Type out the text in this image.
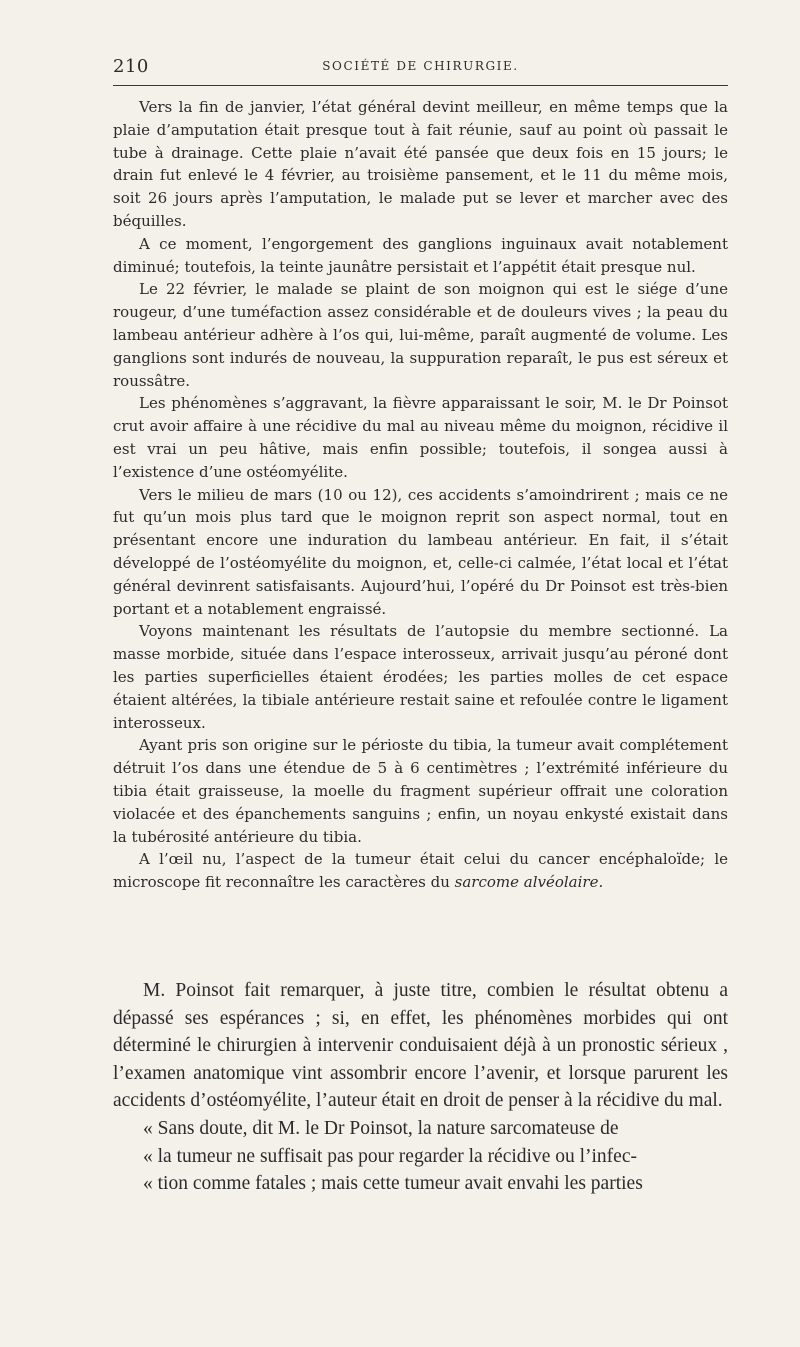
210	SOCIÉTÉ DE CHIRURGIE.

Vers la fin de janvier, l’état général devint meilleur, en même temps que la plaie d’amputation était presque tout à fait réunie, sauf au point où passait le tube à drainage. Cette plaie n’avait été pansée que deux fois en 15 jours; le drain fut enlevé le 4 février, au troisième pansement, et le 11 du même mois, soit 26 jours après l’amputation, le malade put se lever et marcher avec des béquilles.

A ce moment, l’engorgement des ganglions inguinaux avait notablement diminué; toutefois, la teinte jaunâtre persistait et l’appétit était presque nul.

Le 22 février, le malade se plaint de son moignon qui est le siége d’une rougeur, d’une tuméfaction assez considérable et de douleurs vives ; la peau du lambeau antérieur adhère à l’os qui, lui-même, paraît augmenté de volume. Les ganglions sont indurés de nouveau, la suppuration reparaît, le pus est séreux et roussâtre.

Les phénomènes s’aggravant, la fièvre apparaissant le soir, M. le Dr Poinsot crut avoir affaire à une récidive du mal au niveau même du moignon, récidive il est vrai un peu hâtive, mais enfin possible; toutefois, il songea aussi à l’existence d’une ostéomyélite.

Vers le milieu de mars (10 ou 12), ces accidents s’amoindrirent ; mais ce ne fut qu’un mois plus tard que le moignon reprit son aspect normal, tout en présentant encore une induration du lambeau antérieur. En fait, il s’était développé de l’ostéomyélite du moignon, et, celle-ci calmée, l’état local et l’état général devinrent satisfaisants. Aujourd’hui, l’opéré du Dr Poinsot est très-bien portant et a notablement engraissé.

Voyons maintenant les résultats de l’autopsie du membre sectionné. La masse morbide, située dans l’espace interosseux, arrivait jusqu’au péroné dont les parties superficielles étaient érodées; les parties molles de cet espace étaient altérées, la tibiale antérieure restait saine et refoulée contre le ligament interosseux.

Ayant pris son origine sur le périoste du tibia, la tumeur avait complétement détruit l’os dans une étendue de 5 à 6 centimètres ; l’extrémité inférieure du tibia était graisseuse, la moelle du fragment supérieur offrait une coloration violacée et des épanchements sanguins ; enfin, un noyau enkysté existait dans la tubérosité antérieure du tibia.

A l’œil nu, l’aspect de la tumeur était celui du cancer encéphaloïde; le microscope fit reconnaître les caractères du sarcome alvéolaire.

M. Poinsot fait remarquer, à juste titre, combien le résultat obtenu a dépassé ses espérances ; si, en effet, les phénomènes morbides qui ont déterminé le chirurgien à intervenir conduisaient déjà à un pronostic sérieux , l’examen anatomique vint assombrir encore l’avenir, et lorsque parurent les accidents d’ostéomyélite, l’auteur était en droit de penser à la récidive du mal.

« Sans doute, dit M. le Dr Poinsot, la nature sarcomateuse de

« la tumeur ne suffisait pas pour regarder la récidive ou l’infec-

« tion comme fatales ; mais cette tumeur avait envahi les parties
